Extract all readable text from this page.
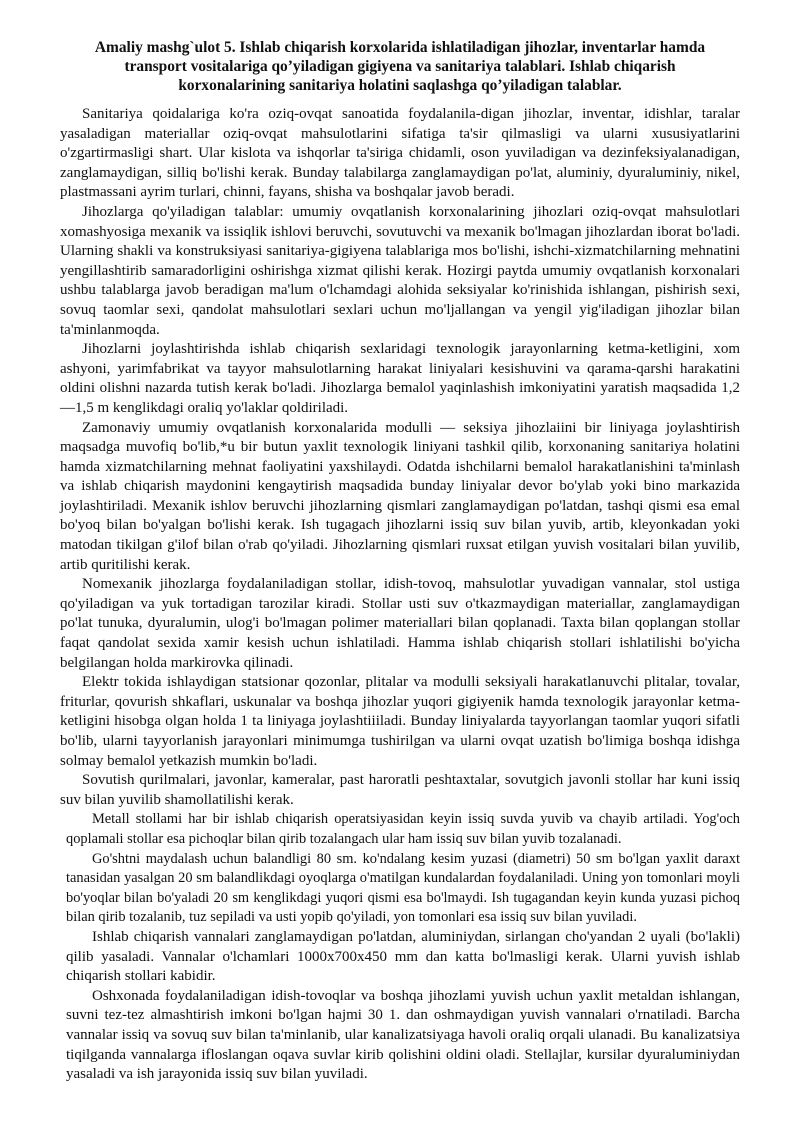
Amaliy mashg`ulot 5. Ishlab chiqarish korxolarida ishlatiladigan jihozlar, inventarlar hamda transport vositalariga qo’yiladigan gigiyena va sanitariya talablari. Ishlab chiqarish korxonalarining sanitariya holatini saqlashga qo’yiladigan talablar.

Sanitariya qoidalariga ko'ra oziq-ovqat sanoatida foydalanila-digan jihozlar, inventar, idishlar, taralar yasaladigan materiallar oziq-ovqat mahsulotlarini sifatiga ta'sir qilmasligi va ularni xususiyatlarini o'zgartirmasligi shart. Ular kislota va ishqorlar ta'siriga chidamli, oson yuviladigan va dezinfeksiyalanadigan, zanglamaydigan, silliq bo'lishi kerak. Bunday talabilarga zanglamaydigan po'lat, aluminiy, dyuraluminiy, nikel, plastmassani ayrim turlari, chinni, fayans, shisha va boshqalar javob beradi.

Jihozlarga qo'yiladigan talablar: umumiy ovqatlanish korxonalarining jihozlari oziq-ovqat mahsulotlari xomashyosiga mexanik va issiqlik ishlovi beruvchi, sovutuvchi va mexanik bo'lmagan jihozlardan iborat bo'ladi. Ularning shakli va konstruksiyasi sanitariya-gigiyena talablariga mos bo'lishi, ishchi-xizmatchilarning mehnatini yengillashtirib samaradorligini oshirishga xizmat qilishi kerak. Hozirgi paytda umumiy ovqatlanish korxonalari ushbu talablarga javob beradigan ma'lum o'lchamdagi alohida seksiyalar ko'rinishida ishlangan, pishirish sexi, sovuq taomlar sexi, qandolat mahsulotlari sexlari uchun mo'ljallangan va yengil yig'iladigan jihozlar bilan ta'minlanmoqda.

Jihozlarni joylashtirishda ishlab chiqarish sexlaridagi texnologik jarayonlarning ketma-ketligini, xom ashyoni, yarimfabrikat va tayyor mahsulotlarning harakat liniyalari kesishuvini va qarama-qarshi harakatini oldini olishni nazarda tutish kerak bo'ladi. Jihozlarga bemalol yaqinlashish imkoniyatini yaratish maqsadida 1,2—1,5 m kenglikdagi oraliq yo'laklar qoldiriladi.

Zamonaviy umumiy ovqatlanish korxonalarida modulli — seksiya jihozlaiini bir liniyaga joylashtirish maqsadga muvofiq bo'lib,*u bir butun yaxlit texnologik liniyani tashkil qilib, korxonaning sanitariya holatini hamda xizmatchilarning mehnat faoliyatini yaxshilaydi. Odatda ishchilarni bemalol harakatlanishini ta'minlash va ishlab chiqarish maydonini kengaytirish maqsadida bunday liniyalar devor bo'ylab yoki bino markazida joylashtiriladi. Mexanik ishlov beruvchi jihozlarning qismlari zanglamaydigan po'latdan, tashqi qismi esa emal bo'yoq bilan bo'yalgan bo'lishi kerak. Ish tugagach jihozlarni issiq suv bilan yuvib, artib, kleyonkadan yoki matodan tikilgan g'ilof bilan o'rab qo'yiladi. Jihozlarning qismlari ruxsat etilgan yuvish vositalari bilan yuvilib, artib quritilishi kerak.

Nomexanik jihozlarga foydalaniladigan stollar, idish-tovoq, mahsulotlar yuvadigan vannalar, stol ustiga qo'yiladigan va yuk tortadigan tarozilar kiradi. Stollar usti suv o'tkazmaydigan materiallar, zanglamaydigan po'lat tunuka, dyuralumin, ulog'i bo'lmagan polimer materiallari bilan qoplanadi. Taxta bilan qoplangan stollar faqat qandolat sexida xamir kesish uchun ishlatiladi. Hamma ishlab chiqarish stollari ishlatilishi bo'yicha belgilangan holda markirovka qilinadi.

Elektr tokida ishlaydigan statsionar qozonlar, plitalar va modulli seksiyali harakatlanuvchi plitalar, tovalar, friturlar, qovurish shkaflari, uskunalar va boshqa jihozlar yuqori gigiyenik hamda texnologik jarayonlar ketma-ketligini hisobga olgan holda 1 ta liniyaga joylashtiiiladi. Bunday liniyalarda tayyorlangan taomlar yuqori sifatli bo'lib, ularni tayyorlanish jarayonlari minimumga tushirilgan va ularni ovqat uzatish bo'limiga boshqa idishga solmay bemalol yetkazish mumkin bo'ladi.

Sovutish qurilmalari, javonlar, kameralar, past haroratli peshtaxtalar, sovutgich javonli stollar har kuni issiq suv bilan yuvilib shamollatilishi kerak.

Metall stollami har bir ishlab chiqarish operatsiyasidan keyin issiq suvda yuvib va chayib artiladi. Yog'och qoplamali stollar esa pichoqlar bilan qirib tozalangach ular ham issiq suv bilan yuvib tozalanadi.

Go'shtni maydalash uchun balandligi 80 sm. ko'ndalang kesim yuzasi (diametri) 50 sm bo'lgan yaxlit daraxt tanasidan yasalgan 20 sm balandlikdagi oyoqlarga o'matilgan kundalardan foydalaniladi. Uning yon tomonlari moyli bo'yoqlar bilan bo'yaladi 20 sm kenglikdagi yuqori qismi esa bo'lmaydi. Ish tugagandan keyin kunda yuzasi pichoq bilan qirib tozalanib, tuz sepiladi va usti yopib qo'yiladi, yon tomonlari esa issiq suv bilan yuviladi.

Ishlab chiqarish vannalari zanglamaydigan po'latdan, aluminiydan, sirlangan cho'yandan 2 uyali (bo'lakli) qilib yasaladi. Vannalar o'lchamlari 1000x700x450 mm dan katta bo'lmasligi kerak. Ularni yuvish ishlab chiqarish stollari kabidir.

Oshxonada foydalaniladigan idish-tovoqlar va boshqa jihozlami yuvish uchun yaxlit metaldan ishlangan, suvni tez-tez almashtirish imkoni bo'lgan hajmi 30 1. dan oshmaydigan yuvish vannalari o'rnatiladi. Barcha vannalar issiq va sovuq suv bilan ta'minlanib, ular kanalizatsiyaga havoli oraliq orqali ulanadi. Bu kanalizatsiya tiqilganda vannalarga ifloslangan oqava suvlar kirib qolishini oldini oladi. Stellajlar, kursilar dyuraluminiydan yasaladi va ish jarayonida issiq suv bilan yuviladi.
